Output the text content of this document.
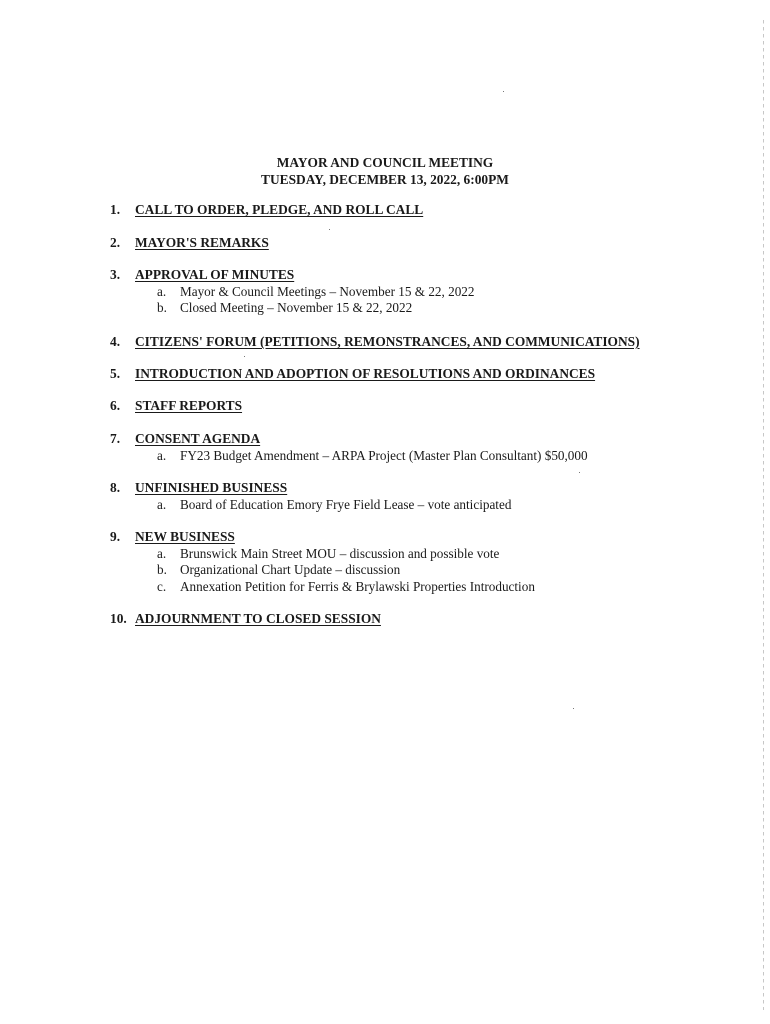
MAYOR AND COUNCIL MEETING
TUESDAY, DECEMBER 13, 2022, 6:00PM
1. CALL TO ORDER, PLEDGE, AND ROLL CALL
2. MAYOR'S REMARKS
3. APPROVAL OF MINUTES
a. Mayor & Council Meetings – November 15 & 22, 2022
b. Closed Meeting – November 15 & 22, 2022
4. CITIZENS' FORUM (PETITIONS, REMONSTRANCES, AND COMMUNICATIONS)
5. INTRODUCTION AND ADOPTION OF RESOLUTIONS AND ORDINANCES
6. STAFF REPORTS
7. CONSENT AGENDA
a. FY23 Budget Amendment – ARPA Project (Master Plan Consultant) $50,000
8. UNFINISHED BUSINESS
a. Board of Education Emory Frye Field Lease – vote anticipated
9. NEW BUSINESS
a. Brunswick Main Street MOU – discussion and possible vote
b. Organizational Chart Update – discussion
c. Annexation Petition for Ferris & Brylawski Properties Introduction
10. ADJOURNMENT TO CLOSED SESSION
